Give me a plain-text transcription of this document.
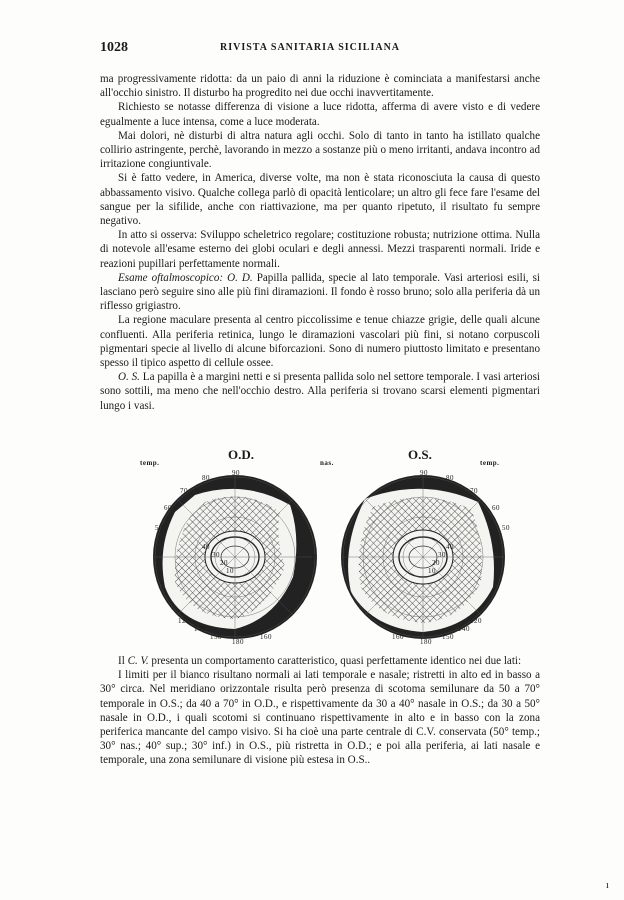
1028	RIVISTA SANITARIA SICILIANA

ma progressivamente ridotta: da un paio di anni la riduzione è cominciata a manifestarsi anche all'occhio sinistro. Il disturbo ha progredito nei due occhi inavvertitamente.

Richiesto se notasse differenza di visione a luce ridotta, afferma di avere visto e di vedere egualmente a luce intensa, come a luce moderata.

Mai dolori, nè disturbi di altra natura agli occhi. Solo di tanto in tanto ha istillato qualche collirio astringente, perchè, lavorando in mezzo a sostanze più o meno irritanti, andava incontro ad irritazione congiuntivale.

Si è fatto vedere, in America, diverse volte, ma non è stata riconosciuta la causa di questo abbassamento visivo. Qualche collega parlò di opacità lenticolare; un altro gli fece fare l'esame del sangue per la sifilide, anche con riattivazione, ma per quanto ripetuto, il risultato fu sempre negativo.

In atto si osserva: Sviluppo scheletrico regolare; costituzione robusta; nutrizione ottima. Nulla di notevole all'esame esterno dei globi oculari e degli annessi. Mezzi trasparenti normali. Iride e reazioni pupillari perfettamente normali.

Esame oftalmoscopico: O. D. Papilla pallida, specie al lato temporale. Vasi arteriosi esili, si lasciano però seguire sino alle più fini diramazioni. Il fondo è rosso bruno; solo alla periferia dà un riflesso grigiastro.

La regione maculare presenta al centro piccolissime e tenue chiazze grigie, delle quali alcune confluenti. Alla periferia retinica, lungo le diramazioni vascolari più fini, si notano corpuscoli pigmentari specie al livello di alcune biforcazioni. Sono di numero piuttosto limitato e presentano spesso il tipico aspetto di cellule ossee.

O. S. La papilla è a margini netti e si presenta pallida solo nel settore temporale. I vasi arteriosi sono sottili, ma meno che nell'occhio destro. Alla periferia si trovano scarsi elementi pigmentari lungo i vasi.

temp.
O.D.
nas.
O.S.
temp.
90
80
70
60
50
40
30
20
10
120
140
150	160
180
0
90
80
70
60
50
40
30
20
10
120
140
150
160
180
0

Il C. V. presenta un comportamento caratteristico, quasi perfettamente identico nei due lati:

I limiti per il bianco risultano normali ai lati temporale e nasale; ristretti in alto ed in basso a 30° circa. Nel meridiano orizzontale risulta però presenza di scotoma semilunare da 50 a 70° temporale in O.S.; da 40 a 70° in O.D., e rispettivamente da 30 a 40° nasale in O.S.; da 30 a 50° nasale in O.D., i quali scotomi si continuano rispettivamente in alto e in basso con la zona periferica mancante del campo visivo. Si ha cioè una parte centrale di C.V. conservata (50° temp.; 30° nas.; 40° sup.; 30° inf.) in O.S., più ristretta in O.D.; e poi alla periferia, ai lati nasale e temporale, una zona semilunare di visione più estesa in O.S..

ı
